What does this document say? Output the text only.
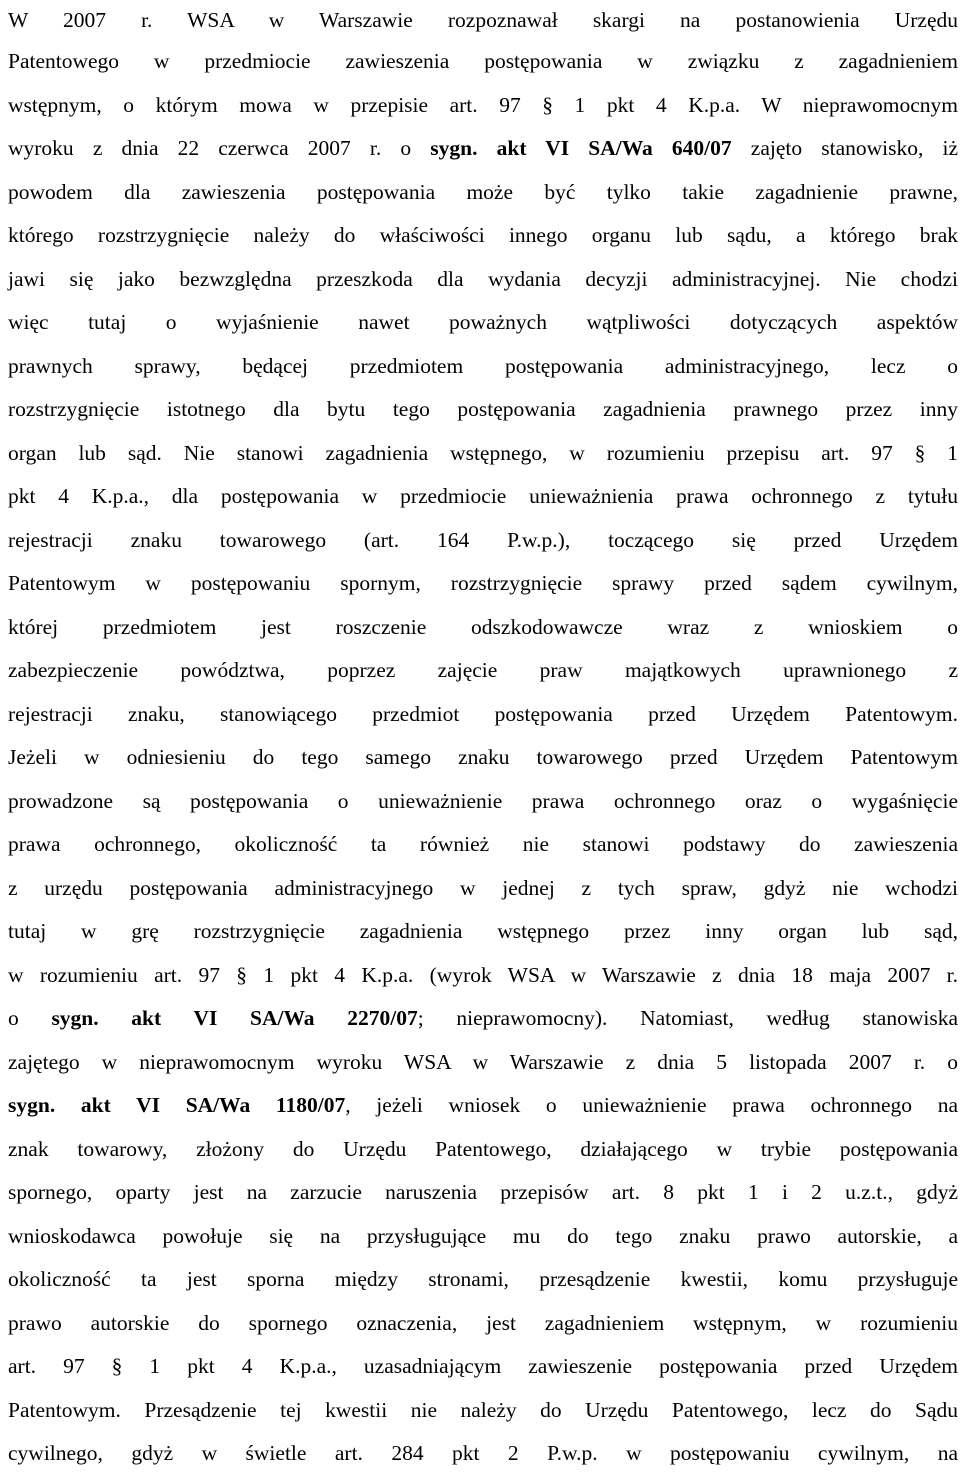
W 2007 r. WSA w Warszawie rozpoznawał skargi na postanowienia Urzędu
Patentowego w przedmiocie zawieszenia postępowania w związku z zagadnieniem
wstępnym, o którym mowa w przepisie art. 97 § 1 pkt 4 K.p.a. W nieprawomocnym
wyroku z dnia 22 czerwca 2007 r. o sygn. akt VI SA/Wa 640/07 zajęto stanowisko, iż
powodem dla zawieszenia postępowania może być tylko takie zagadnienie prawne,
którego rozstrzygnięcie należy do właściwości innego organu lub sądu, a którego brak
jawi się jako bezwzględna przeszkoda dla wydania decyzji administracyjnej. Nie chodzi
więc tutaj o wyjaśnienie nawet poważnych wątpliwości dotyczących aspektów
prawnych sprawy, będącej przedmiotem postępowania administracyjnego, lecz o
rozstrzygnięcie istotnego dla bytu tego postępowania zagadnienia prawnego przez inny
organ lub sąd. Nie stanowi zagadnienia wstępnego, w rozumieniu przepisu art. 97 § 1
pkt 4 K.p.a., dla postępowania w przedmiocie unieważnienia prawa ochronnego z tytułu
rejestracji znaku towarowego (art. 164 P.w.p.), toczącego się przed Urzędem
Patentowym w postępowaniu spornym, rozstrzygnięcie sprawy przed sądem cywilnym,
której przedmiotem jest roszczenie odszkodowawcze wraz z wnioskiem o
zabezpieczenie powództwa, poprzez zajęcie praw majątkowych uprawnionego z
rejestracji znaku, stanowiącego przedmiot postępowania przed Urzędem Patentowym.
Jeżeli w odniesieniu do tego samego znaku towarowego przed Urzędem Patentowym
prowadzone są postępowania o unieważnienie prawa ochronnego oraz o wygaśnięcie
prawa ochronnego, okoliczność ta również nie stanowi podstawy do zawieszenia
z urzędu postępowania administracyjnego w jednej z tych spraw, gdyż nie wchodzi
tutaj w grę rozstrzygnięcie zagadnienia wstępnego przez inny organ lub sąd,
w rozumieniu art. 97 § 1 pkt 4 K.p.a. (wyrok WSA w Warszawie z dnia 18 maja 2007 r.
o sygn. akt VI SA/Wa 2270/07; nieprawomocny). Natomiast, według stanowiska
zajętego w nieprawomocnym wyroku WSA w Warszawie z dnia 5 listopada 2007 r. o
sygn. akt VI SA/Wa 1180/07, jeżeli wniosek o unieważnienie prawa ochronnego na
znak towarowy, złożony do Urzędu Patentowego, działającego w trybie postępowania
spornego, oparty jest na zarzucie naruszenia przepisów art. 8 pkt 1 i 2 u.z.t., gdyż
wnioskodawca powołuje się na przysługujące mu do tego znaku prawo autorskie, a
okoliczność ta jest sporna między stronami, przesądzenie kwestii, komu przysługuje
prawo autorskie do spornego oznaczenia, jest zagadnieniem wstępnym, w rozumieniu
art. 97 § 1 pkt 4 K.p.a., uzasadniającym zawieszenie postępowania przed Urzędem
Patentowym. Przesądzenie tej kwestii nie należy do Urzędu Patentowego, lecz do Sądu
cywilnego, gdyż w świetle art. 284 pkt 2 P.w.p. w postępowaniu cywilnym, na
